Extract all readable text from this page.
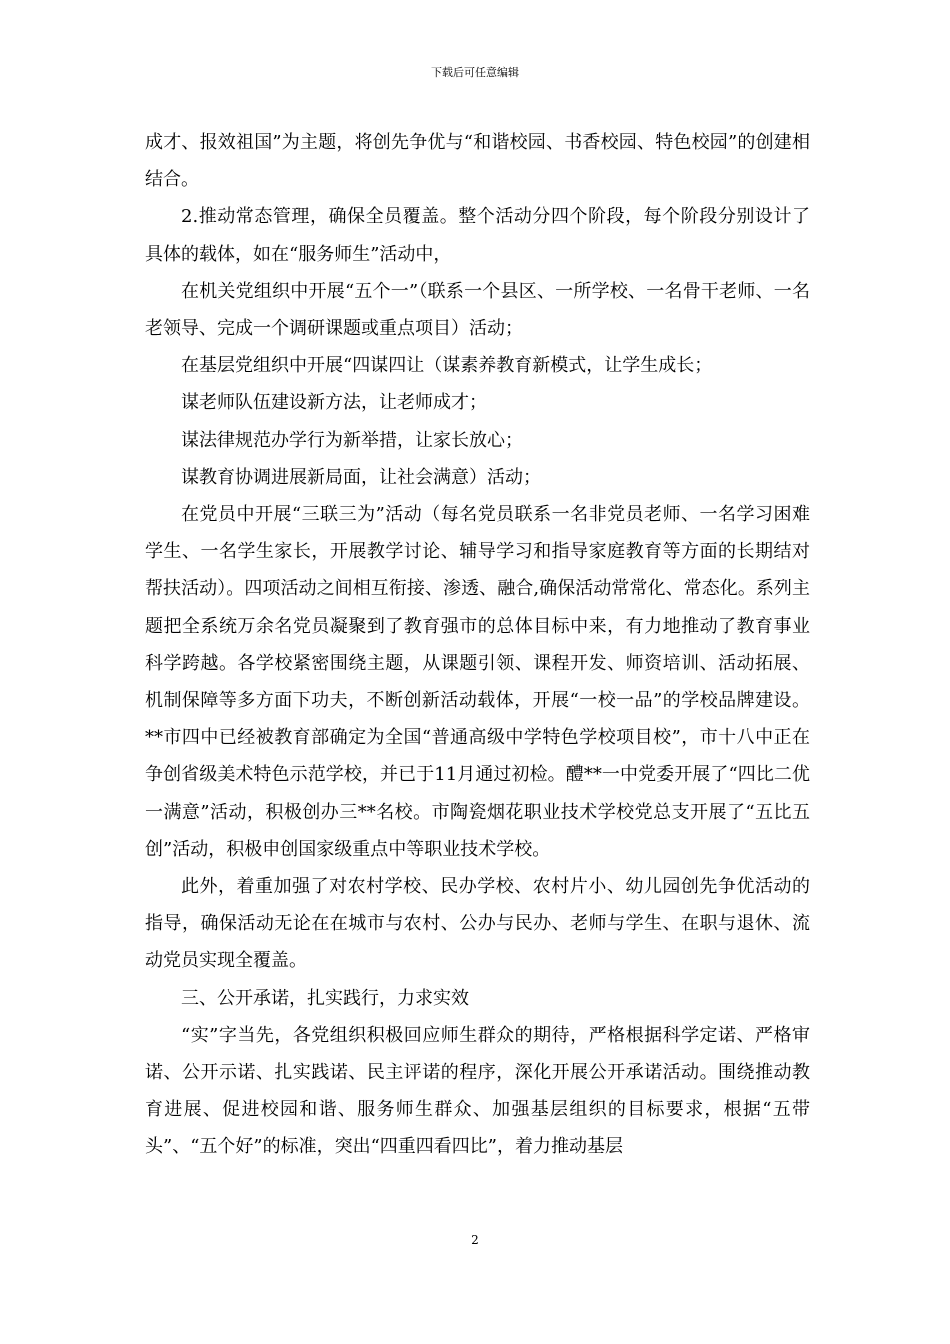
下载后可任意编辑

成才、报效祖国”为主题，将创先争优与“和谐校园、书香校园、特色校园”的创建相结合。

2.推动常态管理，确保全员覆盖。整个活动分四个阶段，每个阶段分别设计了具体的载体，如在“服务师生”活动中，

在机关党组织中开展“五个一”（联系一个县区、一所学校、一名骨干老师、一名老领导、完成一个调研课题或重点项目）活动；

在基层党组织中开展“四谋四让（谋素养教育新模式，让学生成长；

谋老师队伍建设新方法，让老师成才；

谋法律规范办学行为新举措，让家长放心；

谋教育协调进展新局面，让社会满意）活动；

在党员中开展“三联三为”活动（每名党员联系一名非党员老师、一名学习困难学生、一名学生家长，开展教学讨论、辅导学习和指导家庭教育等方面的长期结对帮扶活动）。四项活动之间相互衔接、渗透、融合,确保活动常常化、常态化。系列主题把全系统万余名党员凝聚到了教育强市的总体目标中来，有力地推动了教育事业科学跨越。各学校紧密围绕主题，从课题引领、课程开发、师资培训、活动拓展、机制保障等多方面下功夫，不断创新活动载体，开展“一校一品”的学校品牌建设。**市四中已经被教育部确定为全国“普通高级中学特色学校项目校”，市十八中正在争创省级美术特色示范学校，并已于11月通过初检。醴**一中党委开展了“四比二优一满意”活动，积极创办三**名校。市陶瓷烟花职业技术学校党总支开展了“五比五创”活动，积极申创国家级重点中等职业技术学校。

此外，着重加强了对农村学校、民办学校、农村片小、幼儿园创先争优活动的指导，确保活动无论在在城市与农村、公办与民办、老师与学生、在职与退休、流动党员实现全覆盖。

三、公开承诺，扎实践行，力求实效

“实”字当先，各党组织积极回应师生群众的期待，严格根据科学定诺、严格审诺、公开示诺、扎实践诺、民主评诺的程序，深化开展公开承诺活动。围绕推动教育进展、促进校园和谐、服务师生群众、加强基层组织的目标要求，根据“五带头”、“五个好”的标准，突出“四重四看四比”，着力推动基层

2
